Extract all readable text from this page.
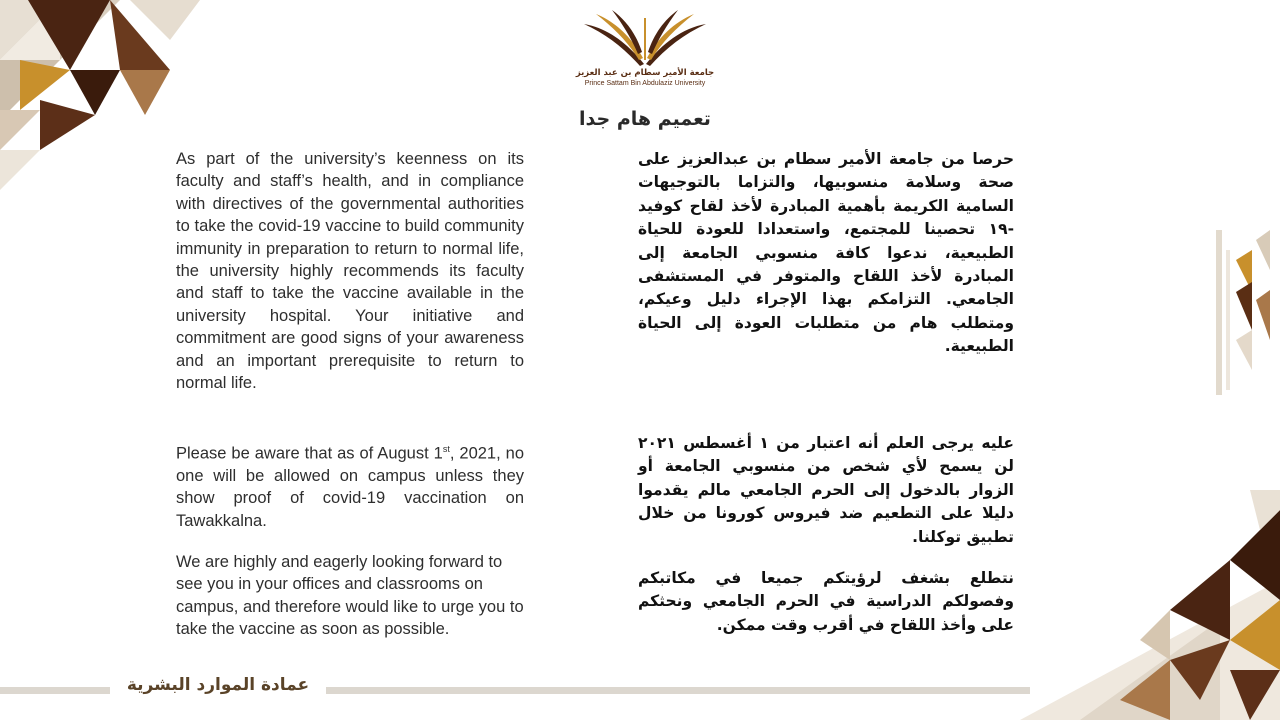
جامعة الأمير سطام بن عبد العزيز
Prince Sattam Bin Abdulaziz University
تعميم هام جدا

As part of the university’s keenness on its faculty and staff’s health, and in compliance with directives of the governmental authorities to take the covid-19 vaccine to build community immunity in preparation to return to normal life, the university highly recommends its faculty and staff to take the vaccine available in the university hospital. Your initiative and commitment are good signs of your awareness and an important prerequisite to return to normal life.

Please be aware that as of August 1st, 2021, no one will be allowed on campus unless they show proof of covid-19 vaccination on Tawakkalna.

We are highly and eagerly looking forward to see you in your offices and classrooms on campus, and therefore would like to urge you to take the vaccine as soon as possible.

حرصا من جامعة الأمير سطام بن عبدالعزيز على صحة وسلامة منسوبيها، والتزاما بالتوجيهات السامية الكريمة بأهمية المبادرة لأخذ لقاح كوفيد -١٩ تحصينا للمجتمع، واستعدادا للعودة للحياة الطبيعية، ندعوا كافة منسوبي الجامعة إلى المبادرة لأخذ اللقاح والمتوفر في المستشفى الجامعي. التزامكم بهذا الإجراء دليل وعيكم، ومتطلب هام من متطلبات العودة إلى الحياة الطبيعية.

عليه يرجى العلم أنه اعتبار من ١ أغسطس ٢٠٢١ لن يسمح لأي شخص من منسوبي الجامعة أو الزوار بالدخول إلى الحرم الجامعي مالم يقدموا دليلا على التطعيم ضد فيروس كورونا من خلال تطبيق توكلنا.

نتطلع بشغف لرؤيتكم جميعا في مكاتبكم وفصولكم الدراسية في الحرم الجامعي ونحثكم على وأخذ اللقاح في أقرب وقت ممكن.

عمادة الموارد البشرية
